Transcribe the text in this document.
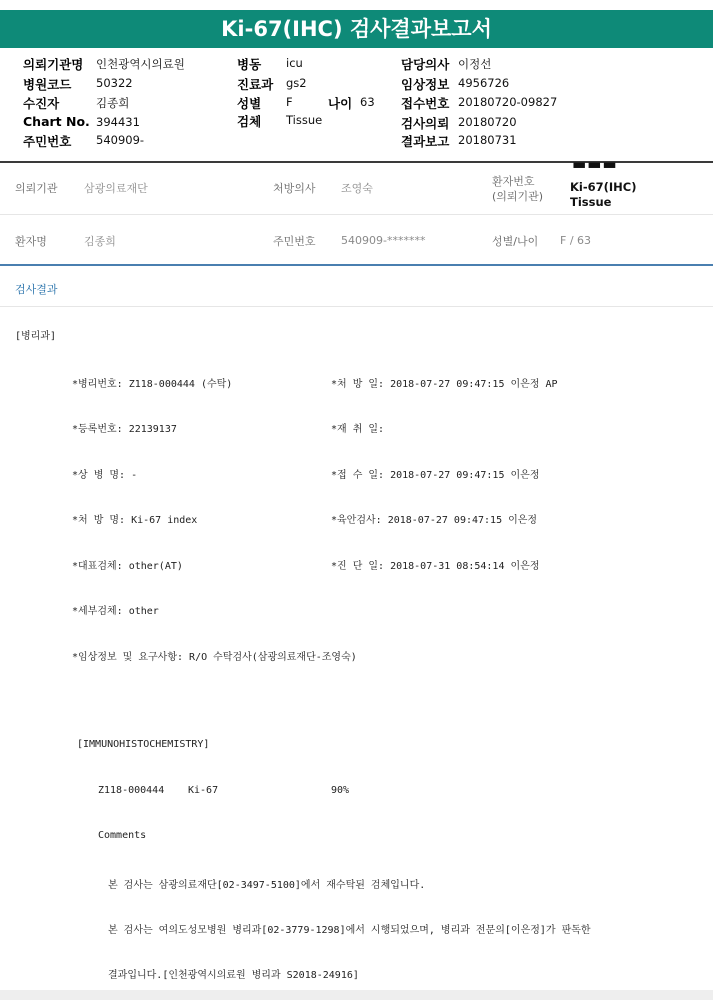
Ki-67(IHC) 검사결과보고서
의뢰기관명 인천광역시의료원
병원코드 50322
수진자	김종희
Chart No. 394431
주민번호 540909-
병동 icu
진료과 gs2
성별 F	나이 63
검체 Tissue
담당의사 이정선
임상정보 4956726
접수번호 20180720-09827
검사의뢰 20180720
결과보고 20180731
의뢰기관 삼광의료재단	처방의사 조영숙
환자번호
(의뢰기관)
▬▬▬
Ki-67(IHC)
Tissue
환자명	김종희	주민번호 540909-*******	성별/나이 F / 63
검사결과
[병리과]
*병리번호: Z118-000444 (수탁)	*처 방 일: 2018-07-27 09:47:15 이은정 AP
*등록번호: 22139137	*재 취 일:
*상 병 명: -	*접 수 일: 2018-07-27 09:47:15 이은정
*처 방 명: Ki-67 index	*육안검사: 2018-07-27 09:47:15 이은정
*대표검체: other(AT)	*진 단 일: 2018-07-31 08:54:14 이은정
*세부검체: other
*임상정보 및 요구사항: R/O 수탁검사(삼광의료재단-조영숙)
[IMMUNOHISTOCHEMISTRY]
Z118-000444 Ki-67	90%
Comments
본 검사는 삼광의료재단[02-3497-5100]에서 재수탁된 검체입니다.
본 검사는 여의도성모병원 병리과[02-3779-1298]에서 시행되었으며, 병리과 전문의[이은정]가 판독한
결과입니다.[인천광역시의료원 병리과 S2018-24916]
